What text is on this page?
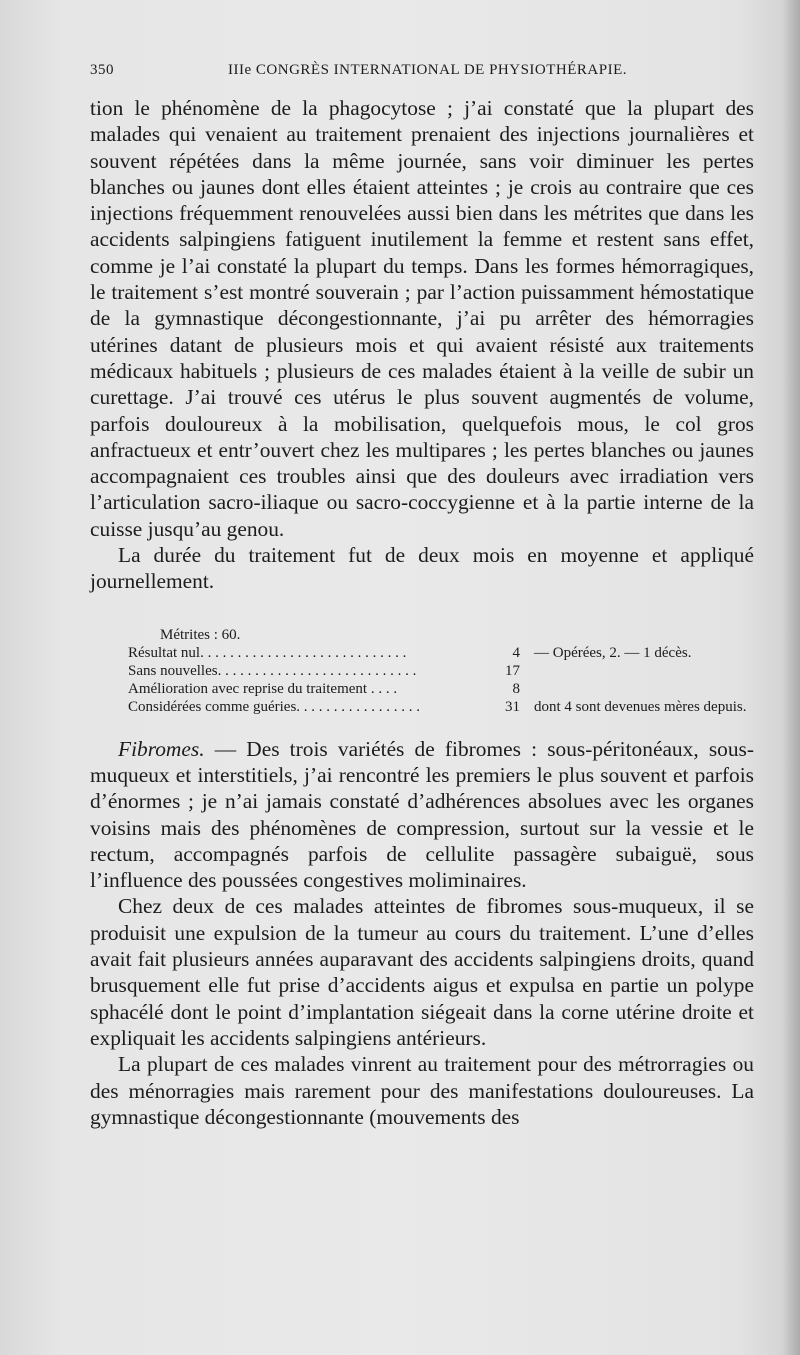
350	IIIe CONGRÈS INTERNATIONAL DE PHYSIOTHÉRAPIE.

tion le phénomène de la phagocytose ; j’ai constaté que la plupart des malades qui venaient au traitement prenaient des injections journalières et souvent répétées dans la même journée, sans voir diminuer les pertes blanches ou jaunes dont elles étaient atteintes ; je crois au contraire que ces injections fréquemment renouvelées aussi bien dans les métrites que dans les accidents salpingiens fatiguent inutilement la femme et restent sans effet, comme je l’ai constaté la plupart du temps. Dans les formes hémorragiques, le traitement s’est montré souverain ; par l’action puissamment hémostatique de la gymnastique décongestionnante, j’ai pu arrêter des hémorragies utérines datant de plusieurs mois et qui avaient résisté aux traitements médicaux habituels ; plusieurs de ces malades étaient à la veille de subir un curettage. J’ai trouvé ces utérus le plus souvent augmentés de volume, parfois douloureux à la mobilisation, quelquefois mous, le col gros anfractueux et entr’ouvert chez les multipares ; les pertes blanches ou jaunes accompagnaient ces troubles ainsi que des douleurs avec irradiation vers l’articulation sacro-iliaque ou sacro-coccygienne et à la partie interne de la cuisse jusqu’au genou.

La durée du traitement fut de deux mois en moyenne et appliqué journellement.

Métrites : 60.
Résultat nul. . . . . . . . . . . . . . . . . . . . . . . . . . . .	4 — Opérées, 2. — 1 décès.
Sans nouvelles. . . . . . . . . . . . . . . . . . . . . . . . . . .	17
Amélioration avec reprise du traitement . . . .	8
Considérées comme guéries. . . . . . . . . . . . . . . . .	31 dont 4 sont devenues mères depuis.

Fibromes. — Des trois variétés de fibromes : sous-péritonéaux, sous-muqueux et interstitiels, j’ai rencontré les premiers le plus souvent et parfois d’énormes ; je n’ai jamais constaté d’adhérences absolues avec les organes voisins mais des phénomènes de compression, surtout sur la vessie et le rectum, accompagnés parfois de cellulite passagère subaiguë, sous l’influence des poussées congestives moliminaires.

Chez deux de ces malades atteintes de fibromes sous-muqueux, il se produisit une expulsion de la tumeur au cours du traitement. L’une d’elles avait fait plusieurs années auparavant des accidents salpingiens droits, quand brusquement elle fut prise d’accidents aigus et expulsa en partie un polype sphacélé dont le point d’implantation siégeait dans la corne utérine droite et expliquait les accidents salpingiens antérieurs.

La plupart de ces malades vinrent au traitement pour des métrorragies ou des ménorragies mais rarement pour des manifestations douloureuses. La gymnastique décongestionnante (mouvements des
